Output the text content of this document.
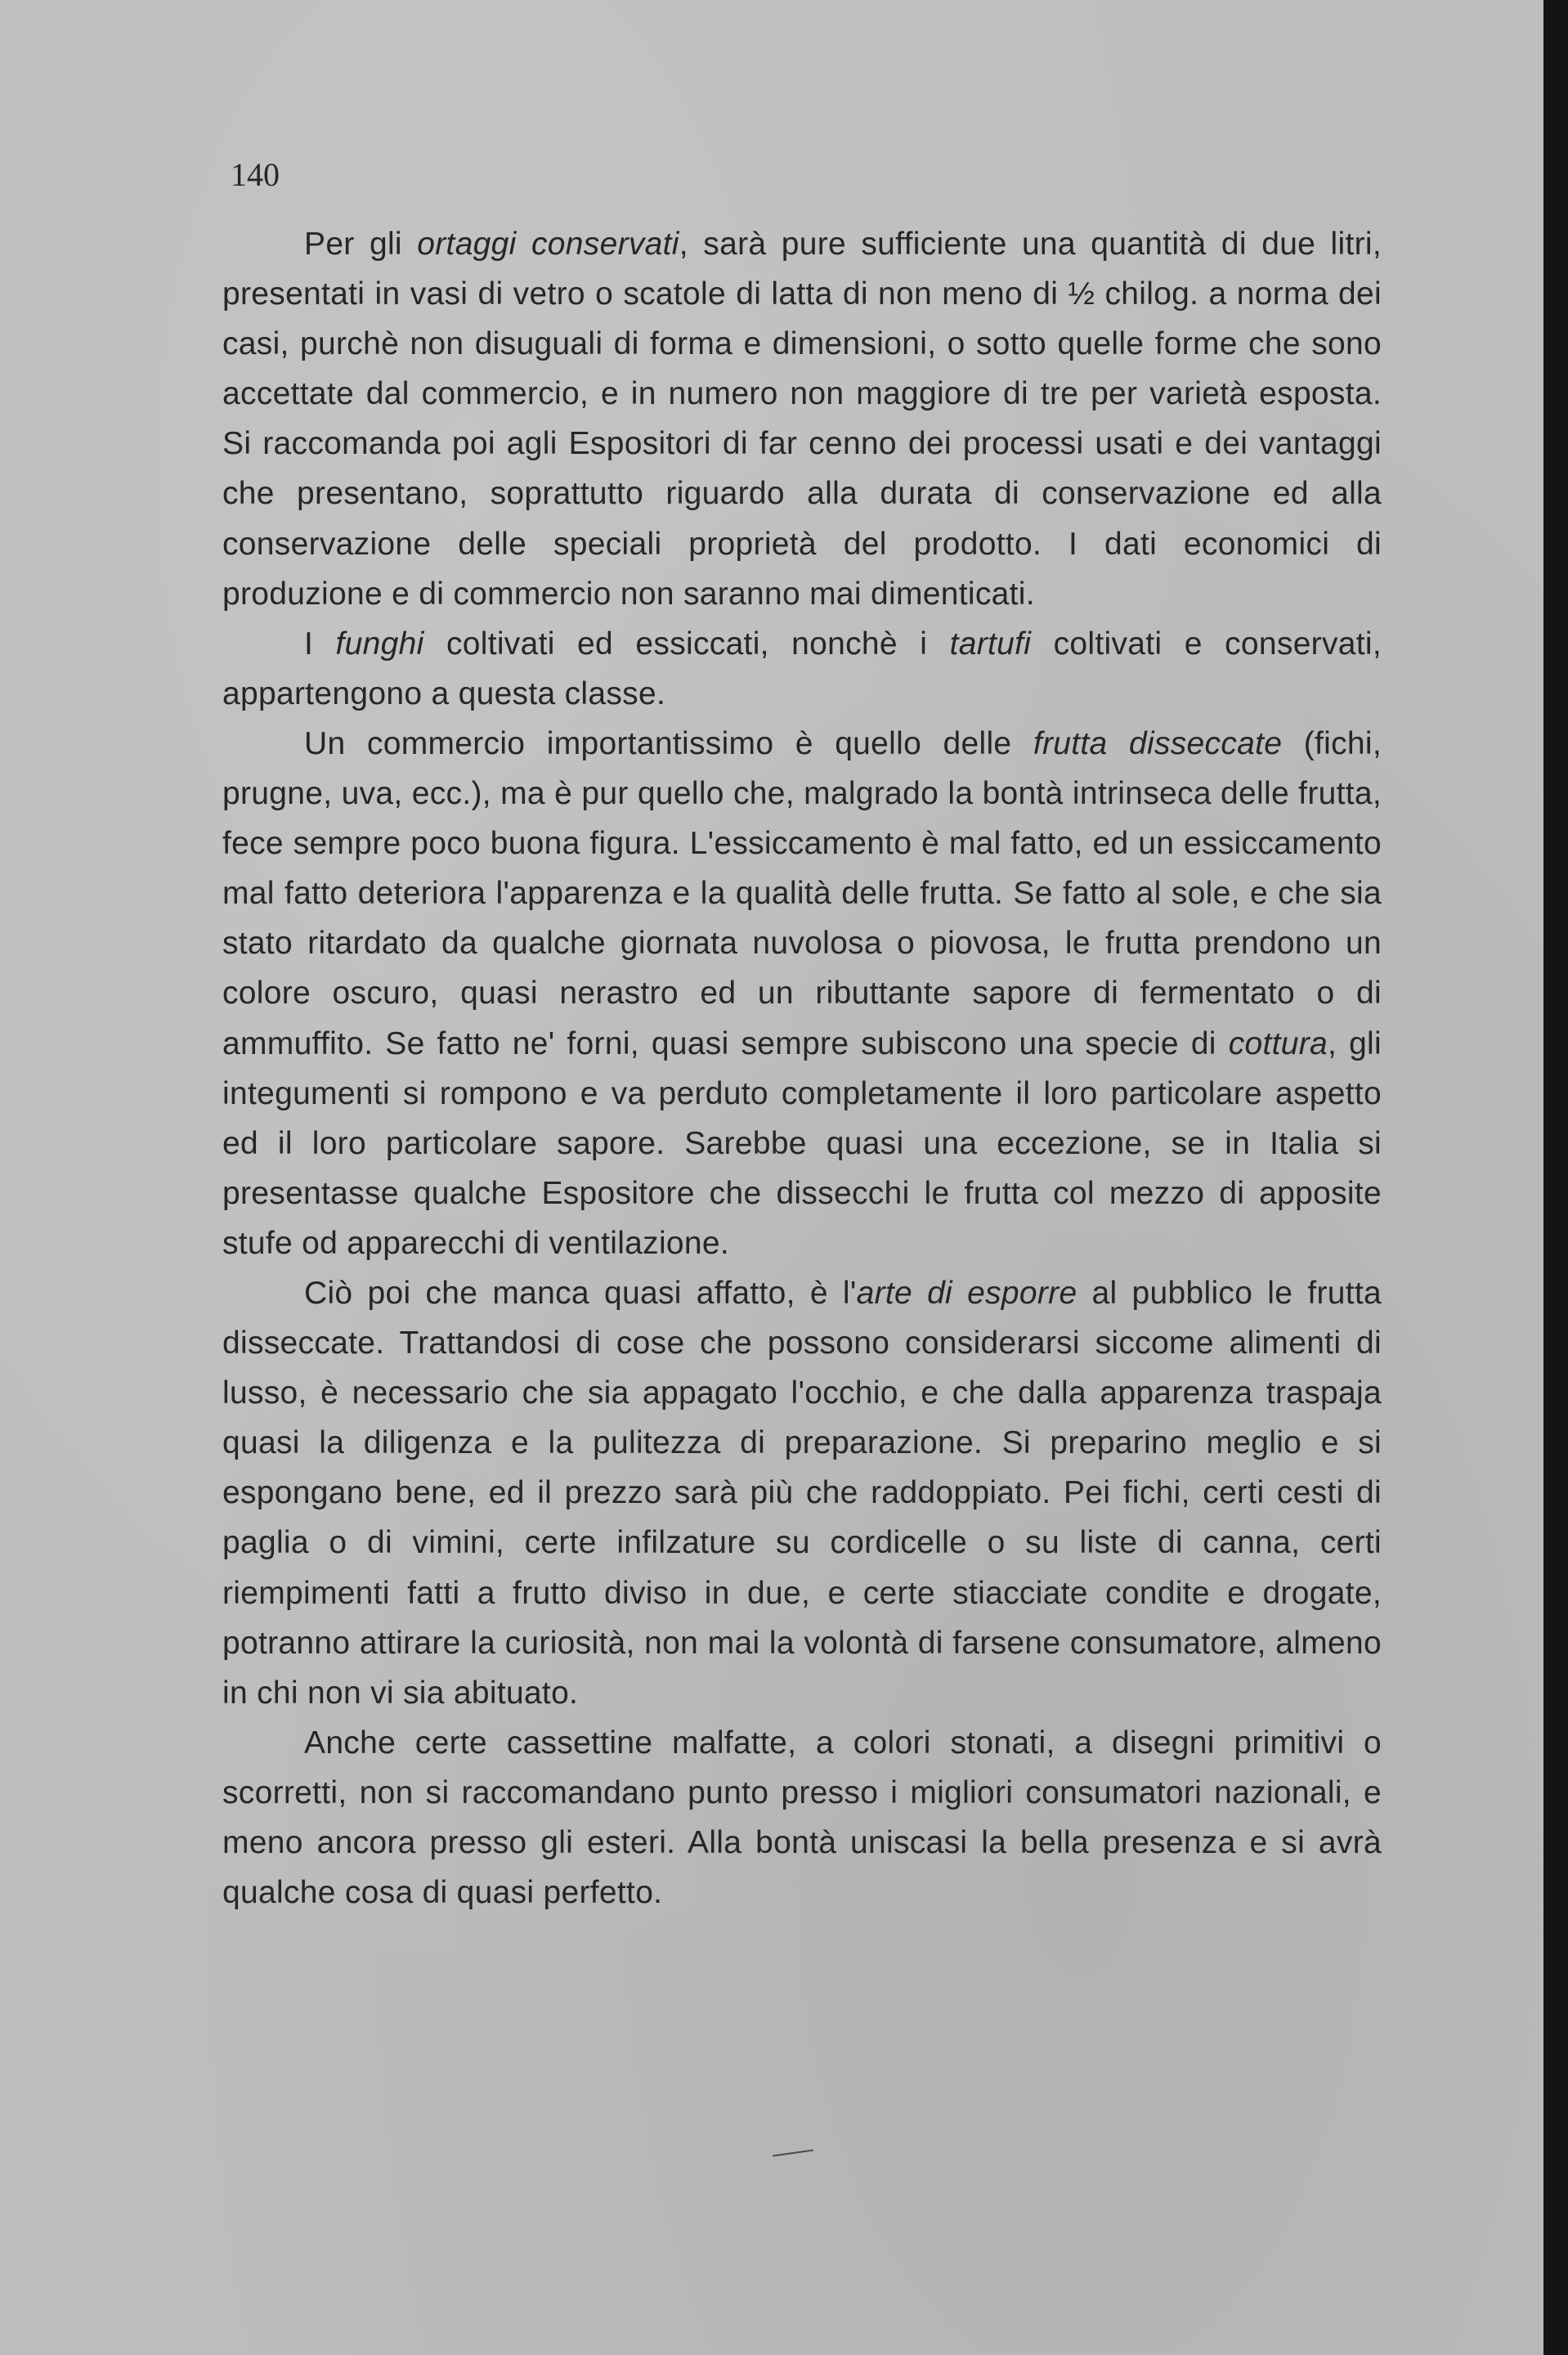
140

Per gli ortaggi conservati, sarà pure sufficiente una quantità di due litri, presentati in vasi di vetro o scatole di latta di non meno di ½ chilog. a norma dei casi, purchè non disuguali di forma e dimensioni, o sotto quelle forme che sono accettate dal commercio, e in numero non maggiore di tre per varietà esposta. Si raccomanda poi agli Espositori di far cenno dei processi usati e dei vantaggi che presentano, soprattutto riguardo alla durata di conservazione ed alla conservazione delle speciali proprietà del prodotto. I dati economici di produzione e di commercio non saranno mai dimenticati.

I funghi coltivati ed essiccati, nonchè i tartufi coltivati e conservati, appartengono a questa classe.

Un commercio importantissimo è quello delle frutta disseccate (fichi, prugne, uva, ecc.), ma è pur quello che, malgrado la bontà intrinseca delle frutta, fece sempre poco buona figura. L'essiccamento è mal fatto, ed un essiccamento mal fatto deteriora l'apparenza e la qualità delle frutta. Se fatto al sole, e che sia stato ritardato da qualche giornata nuvolosa o piovosa, le frutta prendono un colore oscuro, quasi nerastro ed un ributtante sapore di fermentato o di ammuffito. Se fatto ne' forni, quasi sempre subiscono una specie di cottura, gli integumenti si rompono e va perduto completamente il loro particolare aspetto ed il loro particolare sapore. Sarebbe quasi una eccezione, se in Italia si presentasse qualche Espositore che dissecchi le frutta col mezzo di apposite stufe od apparecchi di ventilazione.

Ciò poi che manca quasi affatto, è l'arte di esporre al pubblico le frutta disseccate. Trattandosi di cose che possono considerarsi siccome alimenti di lusso, è necessario che sia appagato l'occhio, e che dalla apparenza traspaja quasi la diligenza e la pulitezza di preparazione. Si preparino meglio e si espongano bene, ed il prezzo sarà più che raddoppiato. Pei fichi, certi cesti di paglia o di vimini, certe infilzature su cordicelle o su liste di canna, certi riempimenti fatti a frutto diviso in due, e certe stiacciate condite e drogate, potranno attirare la curiosità, non mai la volontà di farsene consumatore, almeno in chi non vi sia abituato.

Anche certe cassettine malfatte, a colori stonati, a disegni primitivi o scorretti, non si raccomandano punto presso i migliori consumatori nazionali, e meno ancora presso gli esteri. Alla bontà uniscasi la bella presenza e si avrà qualche cosa di quasi perfetto.
